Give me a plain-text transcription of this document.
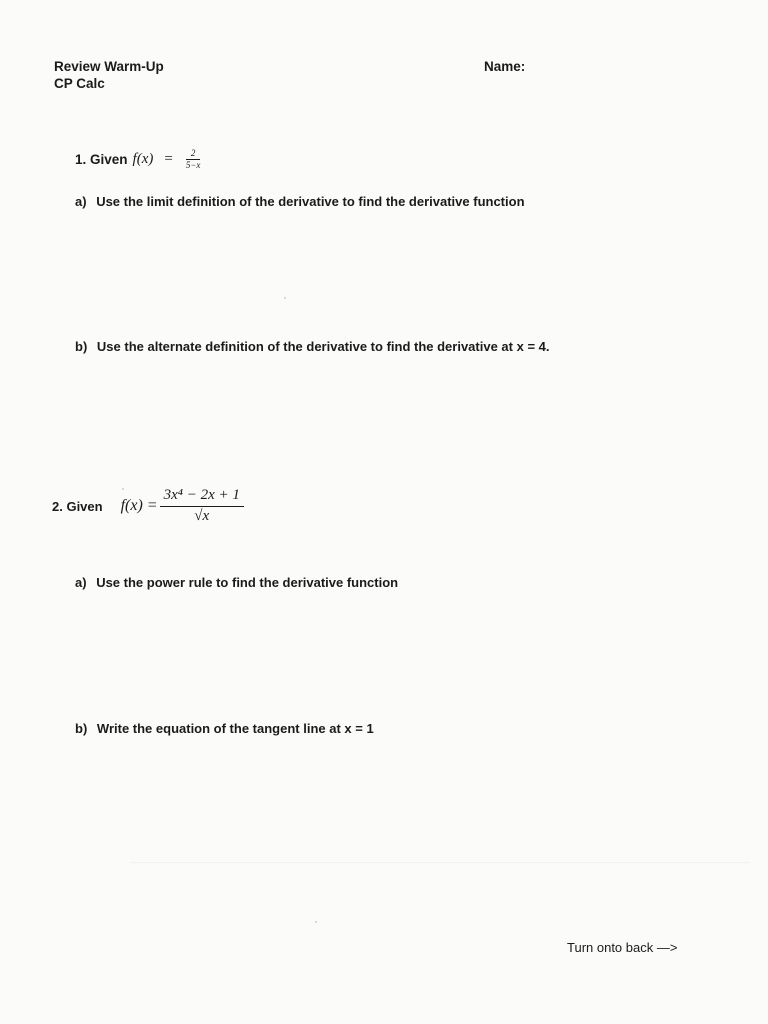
Review Warm-Up
CP Calc
Name:
1. Given $f(x) = \frac{2}{5-x}$
a) Use the limit definition of the derivative to find the derivative function
b) Use the alternate definition of the derivative to find the derivative at x = 4.
2. Given $f(x) = \frac{\text{3x⁴ − 2x + 1}}{√x}$
a) Use the power rule to find the derivative function
b) Write the equation of the tangent line at x = 1
Turn onto back —>
